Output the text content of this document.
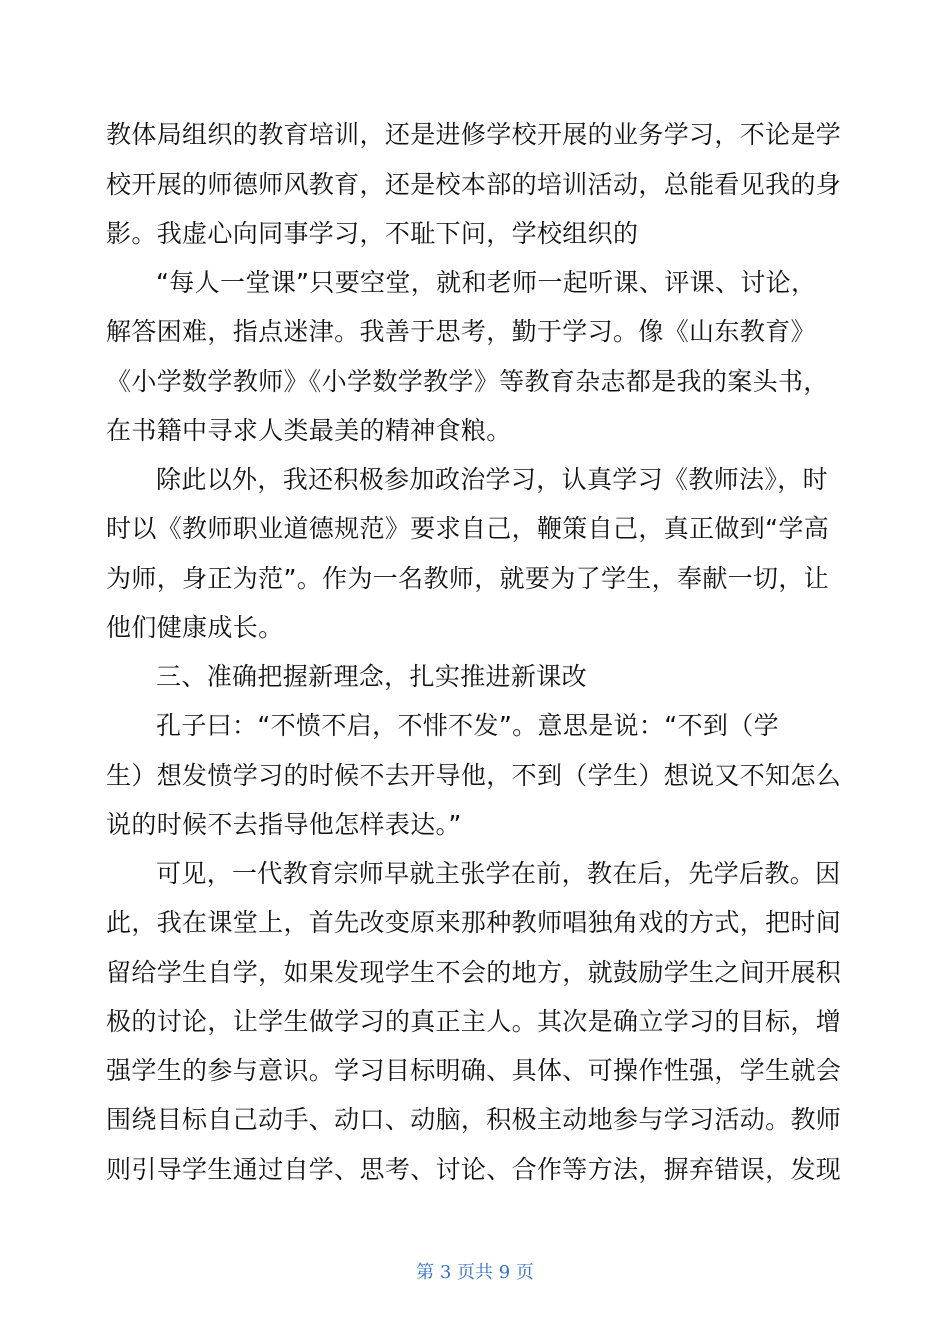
教体局组织的教育培训，还是进修学校开展的业务学习，不论是学
校开展的师德师风教育，还是校本部的培训活动，总能看见我的身
影。我虚心向同事学习，不耻下问，学校组织的
“每人一堂课”只要空堂，就和老师一起听课、评课、讨论，
解答困难，指点迷津。我善于思考，勤于学习。像《山东教育》
《小学数学教师》《小学数学教学》等教育杂志都是我的案头书，
在书籍中寻求人类最美的精神食粮。
除此以外，我还积极参加政治学习，认真学习《教师法》，时
时以《教师职业道德规范》要求自己，鞭策自己，真正做到“学高
为师，身正为范”。作为一名教师，就要为了学生，奉献一切，让
他们健康成长。
三、准确把握新理念，扎实推进新课改
孔子曰：“不愤不启，不悱不发”。意思是说：“不到（学
生）想发愤学习的时候不去开导他，不到（学生）想说又不知怎么
说的时候不去指导他怎样表达。”
可见，一代教育宗师早就主张学在前，教在后，先学后教。因
此，我在课堂上，首先改变原来那种教师唱独角戏的方式，把时间
留给学生自学，如果发现学生不会的地方，就鼓励学生之间开展积
极的讨论，让学生做学习的真正主人。其次是确立学习的目标，增
强学生的参与意识。学习目标明确、具体、可操作性强，学生就会
围绕目标自己动手、动口、动脑，积极主动地参与学习活动。教师
则引导学生通过自学、思考、讨论、合作等方法，摒弃错误，发现
第 3 页共 9 页
